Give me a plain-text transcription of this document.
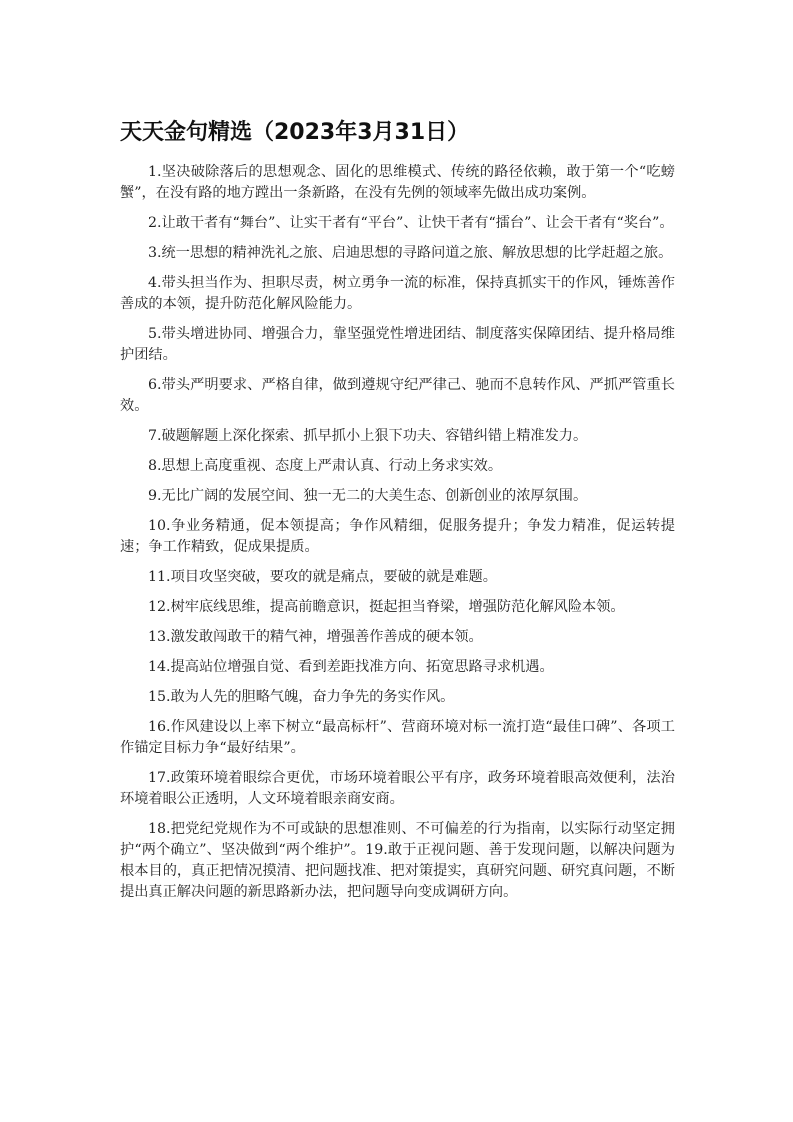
天天金句精选（2023年3月31日）

1.坚决破除落后的思想观念、固化的思维模式、传统的路径依赖，敢于第一个“吃螃蟹”，在没有路的地方蹚出一条新路，在没有先例的领域率先做出成功案例。

2.让敢干者有“舞台”、让实干者有“平台”、让快干者有“擂台”、让会干者有“奖台”。

3.统一思想的精神洗礼之旅、启迪思想的寻路问道之旅、解放思想的比学赶超之旅。

4.带头担当作为、担职尽责，树立勇争一流的标准，保持真抓实干的作风，锤炼善作善成的本领，提升防范化解风险能力。

5.带头增进协同、增强合力，靠坚强党性增进团结、制度落实保障团结、提升格局维护团结。

6.带头严明要求、严格自律，做到遵规守纪严律己、驰而不息转作风、严抓严管重长效。

7.破题解题上深化探索、抓早抓小上狠下功夫、容错纠错上精准发力。

8.思想上高度重视、态度上严肃认真、行动上务求实效。

9.无比广阔的发展空间、独一无二的大美生态、创新创业的浓厚氛围。

10.争业务精通，促本领提高；争作风精细，促服务提升；争发力精准，促运转提速；争工作精致，促成果提质。

11.项目攻坚突破，要攻的就是痛点，要破的就是难题。

12.树牢底线思维，提高前瞻意识，挺起担当脊梁，增强防范化解风险本领。

13.激发敢闯敢干的精气神，增强善作善成的硬本领。

14.提高站位增强自觉、看到差距找准方向、拓宽思路寻求机遇。

15.敢为人先的胆略气魄，奋力争先的务实作风。

16.作风建设以上率下树立“最高标杆”、营商环境对标一流打造“最佳口碑”、各项工作锚定目标力争“最好结果”。

17.政策环境着眼综合更优，市场环境着眼公平有序，政务环境着眼高效便利，法治环境着眼公正透明，人文环境着眼亲商安商。

18.把党纪党规作为不可或缺的思想准则、不可偏差的行为指南，以实际行动坚定拥护“两个确立”、坚决做到“两个维护”。19.敢于正视问题、善于发现问题，以解决问题为根本目的，真正把情况摸清、把问题找准、把对策提实，真研究问题、研究真问题，不断提出真正解决问题的新思路新办法，把问题导向变成调研方向。
